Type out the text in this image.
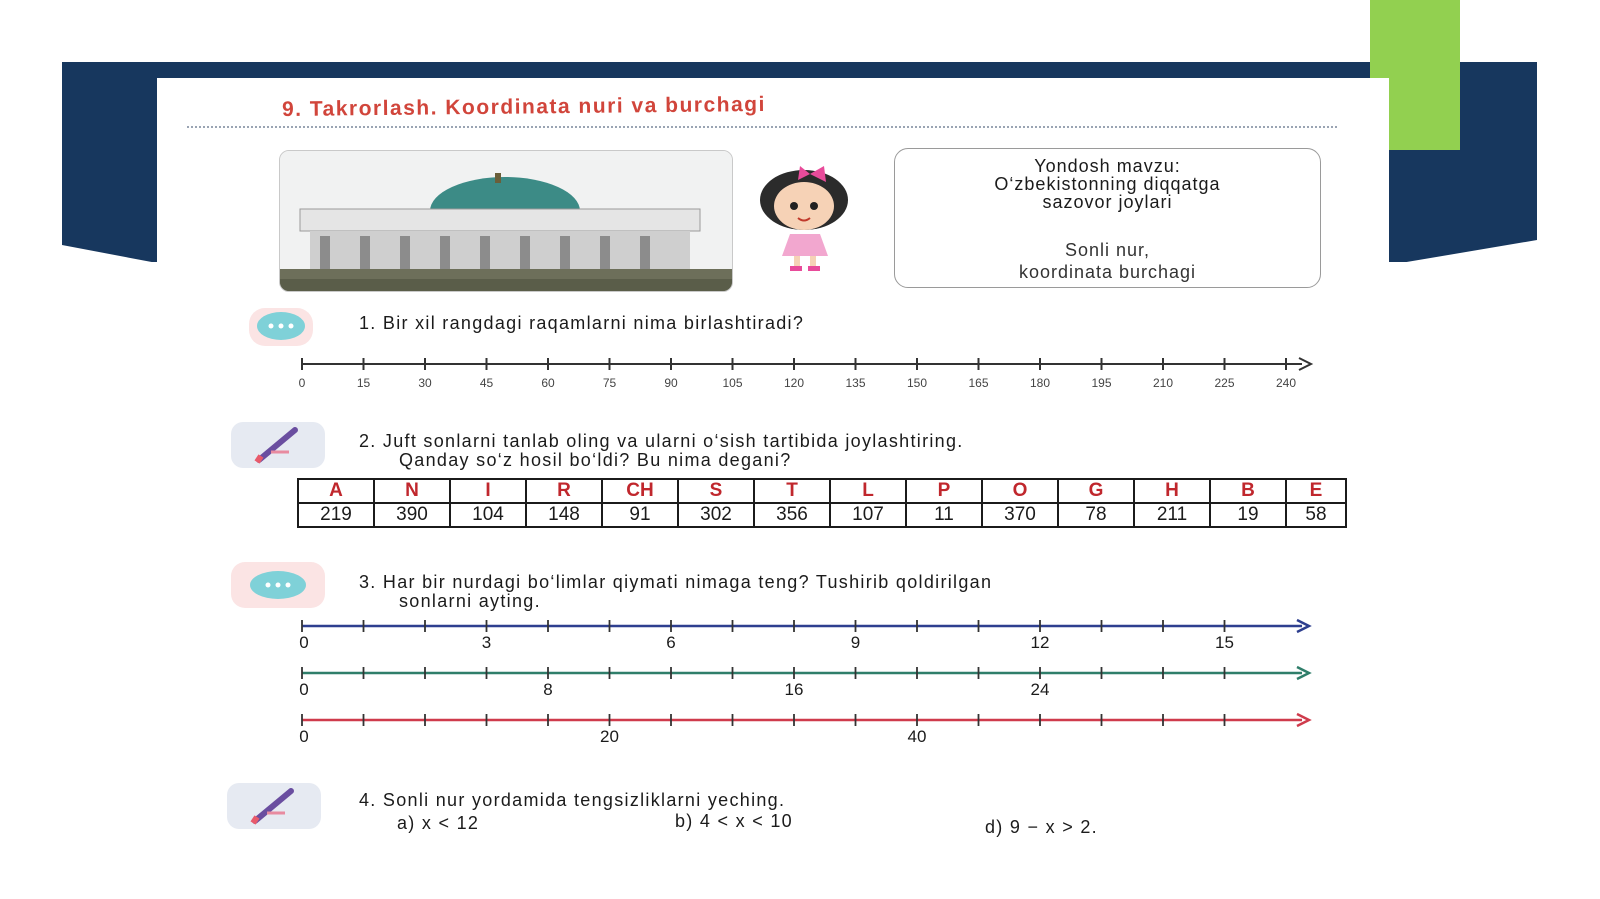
9. Takrorlash. Koordinata nuri va burchagi
Yondosh mavzu:
O‘zbekistonning diqqatga
sazovor joylari
Sonli nur,
koordinata burchagi
1. Bir xil rangdagi raqamlarni nima birlashtiradi?
0	15	30	45	60	75	90	105	120	135	150	165	180	195	210	225	240
2. Juft sonlarni tanlab oling va ularni o‘sish tartibida joylashtiring.
Qanday so‘z hosil bo‘ldi? Bu nima degani?
A	N	I	R	CH	S	T	L	P	O	G	H	B	E
219	390	104	148	91	302	356	107	11	370	78	211	19	58
3. Har bir nurdagi bo‘limlar qiymati nimaga teng? Tushirib qoldirilgan
sonlarni ayting.
0	3	6	9	12	15
0	8	16	24
0	20	40
4. Sonli nur yordamida tengsizliklarni yeching.
a) x < 12	b) 4 < x < 10	d) 9 − x > 2.
